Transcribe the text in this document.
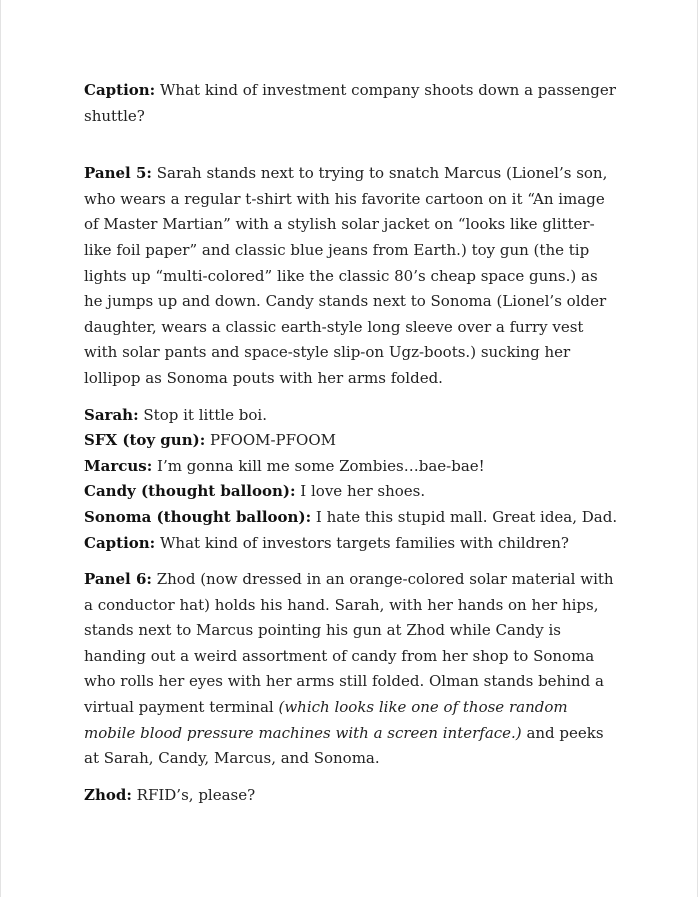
Caption: What kind of investment company shoots down a passenger shuttle?

Panel 5: Sarah stands next to trying to snatch Marcus (Lionel’s son, who wears a regular t-shirt with his favorite cartoon on it “An image of Master Martian” with a stylish solar jacket on “looks like glitter-like foil paper” and classic blue jeans from Earth.) toy gun (the tip lights up “multi-colored” like the classic 80’s cheap space guns.) as he jumps up and down. Candy stands next to Sonoma (Lionel’s older daughter, wears a classic earth-style long sleeve over a furry vest with solar pants and space-style slip-on Ugz-boots.) sucking her lollipop as Sonoma pouts with her arms folded.

Sarah: Stop it little boi.

SFX (toy gun): PFOOM-PFOOM

Marcus: I’m gonna kill me some Zombies…bae-bae!

Candy (thought balloon): I love her shoes.

Sonoma (thought balloon): I hate this stupid mall. Great idea, Dad. Caption: What kind of investors targets families with children?

Panel 6: Zhod (now dressed in an orange-colored solar material with a conductor hat) holds his hand. Sarah, with her hands on her hips, stands next to Marcus pointing his gun at Zhod while Candy is handing out a weird assortment of candy from her shop to Sonoma who rolls her eyes with her arms still folded. Olman stands behind a virtual payment terminal (which looks like one of those random mobile blood pressure machines with a screen interface.) and peeks at Sarah, Candy, Marcus, and Sonoma.

Zhod: RFID’s, please?
